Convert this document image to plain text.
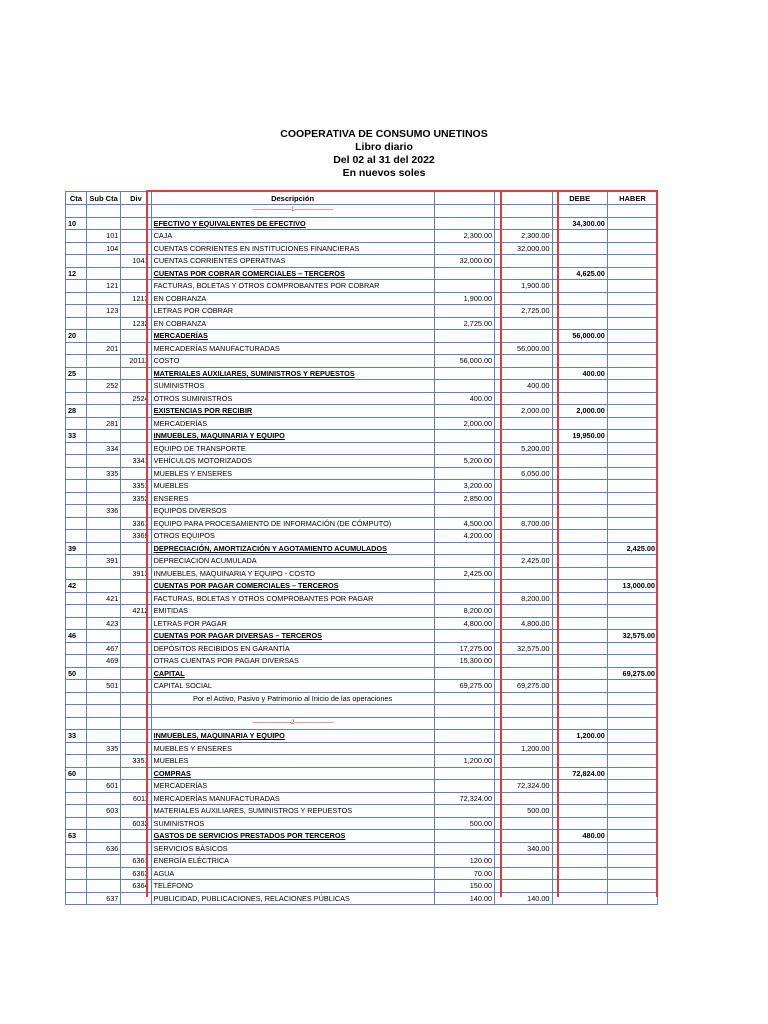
COOPERATIVA DE CONSUMO UNETINOS
Libro diario
Del 02 al 31 del 2022
En nuevos soles
Cta	Sub Cta	Div	Descripción			DEBE	HABER
			--------------------------1--------------------------				
10			EFECTIVO Y EQUIVALENTES DE EFECTIVO			34,300.00	
	101		CAJA	2,300.00	2,300.00		
	104		CUENTAS CORRIENTES EN INSTITUCIONES FINANCIERAS		32,000.00		
		1041	CUENTAS CORRIENTES OPERATIVAS	32,000.00			
12			CUENTAS POR COBRAR COMERCIALES – TERCEROS			4,625.00	
	121		FACTURAS, BOLETAS Y OTROS COMPROBANTES POR COBRAR		1,900.00		
		1213	EN COBRANZA	1,900.00			
	123		LETRAS POR COBRAR		2,725.00		
		1232	EN COBRANZA	2,725.00			
20			MERCADERÍAS			56,000.00	
	201		MERCADERÍAS MANUFACTURADAS		56,000.00		
		20111	COSTO	56,000.00			
25			MATERIALES AUXILIARES, SUMINISTROS Y REPUESTOS			400.00	
	252		SUMINISTROS		400.00		
		2524	OTROS SUMINISTROS	400.00			
28			EXISTENCIAS POR RECIBIR		2,000.00	2,000.00	
	281		MERCADERÍAS	2,000.00			
33			INMUEBLES, MAQUINARIA Y EQUIPO			19,950.00	
	334		EQUIPO DE TRANSPORTE		5,200.00		
		3341	VEHÍCULOS MOTORIZADOS	5,200.00			
	335		MUEBLES Y ENSERES		6,050.00		
		3351	MUEBLES	3,200.00			
		3352	ENSERES	2,850.00			
	336		EQUIPOS DIVERSOS				
		3361	EQUIPO PARA PROCESAMIENTO DE INFORMACIÓN (DE CÓMPUTO)	4,500.00	8,700.00		
		3369	OTROS EQUIPOS	4,200.00			
39			DEPRECIACIÓN, AMORTIZACIÓN Y AGOTAMIENTO ACUMULADOS				2,425.00
	391		DEPRECIACIÓN ACUMULADA		2,425.00		
		3913	INMUEBLES, MAQUINARIA Y EQUIPO - COSTO	2,425.00			
42			CUENTAS POR PAGAR COMERCIALES – TERCEROS				13,000.00
	421		FACTURAS, BOLETAS Y OTROS COMPROBANTES POR PAGAR		8,200.00		
		4212	EMITIDAS	8,200.00			
	423		LETRAS POR PAGAR	4,800.00	4,800.00		
46			CUENTAS POR PAGAR DIVERSAS – TERCEROS				32,575.00
	467		DEPÓSITOS RECIBIDOS EN GARANTÍA	17,275.00	32,575.00		
	469		OTRAS CUENTAS POR PAGAR DIVERSAS	15,300.00			
50			CAPITAL				69,275.00
	501		CAPITAL SOCIAL	69,275.00	69,275.00		
			Por el Activo, Pasivo y Patrimonio al Inicio de las operaciones				

			--------------------------2--------------------------				
33			INMUEBLES, MAQUINARIA Y EQUIPO			1,200.00	
	335		MUEBLES Y ENSERES		1,200.00		
		3351	MUEBLES	1,200.00			
60			COMPRAS			72,824.00	
	601		MERCADERÍAS		72,324.00		
		6011	MERCADERÍAS MANUFACTURADAS	72,324.00			
	603		MATERIALES AUXILIARES, SUMINISTROS Y REPUESTOS		500.00		
		6032	SUMINISTROS	500.00			
63			GASTOS DE SERVICIOS PRESTADOS POR TERCEROS			480.00	
	636		SERVICIOS BÁSICOS		340.00		
		6361	ENERGÍA ELÉCTRICA	120.00			
		6363	AGUA	70.00			
		6364	TELÉFONO	150.00			
	637		PUBLICIDAD, PUBLICACIONES, RELACIONES PÚBLICAS	140.00	140.00		
